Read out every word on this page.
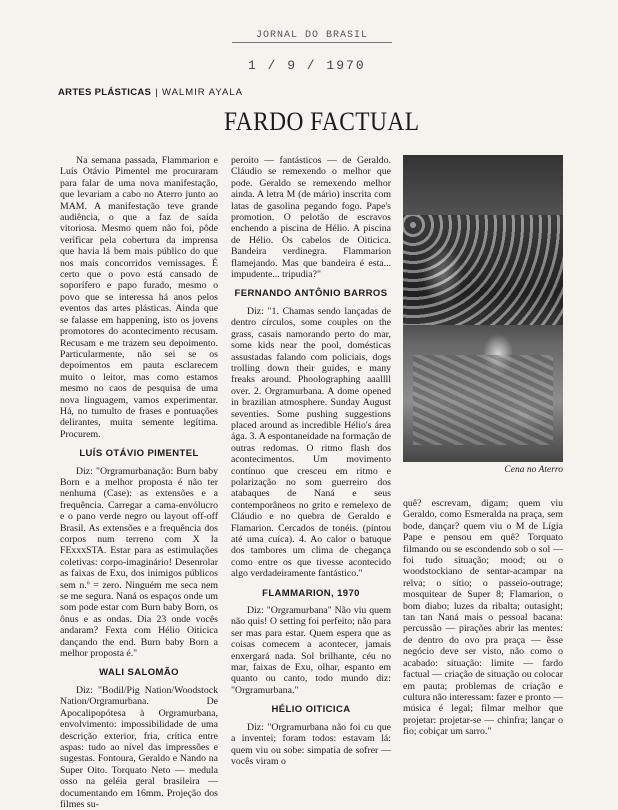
JORNAL DO BRASIL
1 / 9 / 1970
ARTES PLÁSTICAS | WALMIR AYALA
FARDO FACTUAL

Na semana passada, Flammarion e Luís Otávio Pimentel me procuraram para falar de uma nova manifestação, que levariam a cabo no Aterro junto ao MAM. A manifestação teve grande audiência, o que a faz de saída vitoriosa. Mesmo quem não foi, pôde verificar pela cobertura da imprensa que havia lá bem mais público do que nos mais concorridos vernissages. É certo que o povo está cansado de soporífero e papo furado, mesmo o povo que se interessa há anos pelos eventos das artes plásticas. Ainda que se falasse em happening, isto os jovens promotores do acontecimento recusam. Recusam e me trazem seu depoimento. Particularmente, não sei se os depoimentos em pauta esclarecem muito o leitor, mas como estamos mesmo no caos de pesquisa de uma nova linguagem, vamos experimentar. Há, no tumulto de frases e pontuações delirantes, muita semente legítima. Procurem.

LUÍS OTÁVIO PIMENTEL

Diz: "Orgramurbanação: Burn baby Born e a melhor proposta é não ter nenhuma (Case): as extensões e a frequência. Carregar a cama-envólucro e o pano verde negro ou layout off-off Brasil. As extensões e a frequência dos corpos num terreno com X la FExxxSTA. Estar para as estimulações coletivas: corpo-imaginário! Desenrolar as faixas de Exu, dos inimigos públicos sem n.º = zero. Ninguém me seca nem se me segura. Naná os espaços onde um som pode estar com Burn baby Born, os ônus e as ondas. Dia 23 onde vocês andaram? Fexta com Hélio Oiticica dançando the end. Burn baby Born a melhor proposta é."

WALI SALOMÃO

Diz: "Bodil/Pig Nation/Woodstock Nation/Orgramurbana. De Apocalipopótesa à Orgramurbana, envolvimento: impossibilidade de uma descrição exterior, fria, crítica entre aspas: tudo ao nível das impressões e sugestas. Fontoura, Geraldo e Nando na Super Oito. Torquato Neto — medula osso na geléia geral brasileira — documentando em 16mm. Projeção dos filmes su-

peroito — fantásticos — de Geraldo. Cláudio se remexendo o melhor que pode. Geraldo se remexendo melhor ainda. A letra M (de mário) inscrita com latas de gasolina pegando fogo. Pape's promotion. O pelotão de escravos enchendo a piscina de Hélio. A piscina de Hélio. Os cabelos de Oiticica. Bandeira verdinegra. Flammarion flamejando. Mas que bandeira é esta... impudente... tripudia?"

FERNANDO ANTÔNIO BARROS

Diz: "1. Chamas sendo lançadas de dentro círculos, some couples on the grass, casais namorando perto do mar, some kids near the pool, domésticas assustadas falando com policiais, dogs trolling down their guides, e many freaks around. Phoolographing aaallll over. 2. Orgramurbana. A dome opened in brazilian atmosphere. Sunday August seventies. Some pushing suggestions placed around as incredible Hélio's área ága. 3. A espontaneidade na formação de outras redomas. O ritmo flash dos acontecimentos. Um movimento contínuo que cresceu em ritmo e polarização no som guerreiro dos atabaques de Naná e seus contemporâneos no grito e remelexo de Cláudio e no quebra de Geraldo e Flamarion. Cercados de tonéis. (pintou até uma cuíca). 4. Ao calor o batuque dos tambores um clima de chegança como entre os que tivesse acontecido algo verdadeiramente fantástico."

FLAMMARION, 1970

Diz: "Orgramurbana" Não viu quem não quis! O setting foi perfeito; não para ser mas para estar. Quem espera que as coisas comecem a acontecer, jamais enxergará nada. Sol brilhante, céu no mar, faixas de Exu, olhar, espanto em quanto ou canto, todo mundo diz: "Orgramurbana."

HÉLIO OITICICA

Diz: "Orgramurbana não foi cu que a inventei; foram todos: estavam lá: quem viu ou sobe: simpatia de sofrer — vocês viram o

Cena no Aterro

quê? escrevam, digam; quem viu Geraldo, como Esmeralda na praça, sem bode, dançar? quem viu o M de Lígia Pape e pensou em quê? Torquato filmando ou se escondendo sob o sol — foi tudo situação; mood; ou o woodstockiano de sentar-acampar na relva; o sítio; o passeio-outrage; mosquitear de Super 8; Flamarion, o bom diabo; luzes da ribalta; outasight; tan tan Naná mais o pessoal bacana: percussão — pirações abrir las mentes: de dentro do ovo pra praça — êsse negócio deve ser visto, não como o acabado: situação: limite — fardo factual — criação de situação ou colocar em pauta; problemas de criação e cultura não interessam: fazer e pronto — música é legal; filmar melhor que projetar: projetar-se — chinfra; lançar o fio; cobiçar um sarro."
